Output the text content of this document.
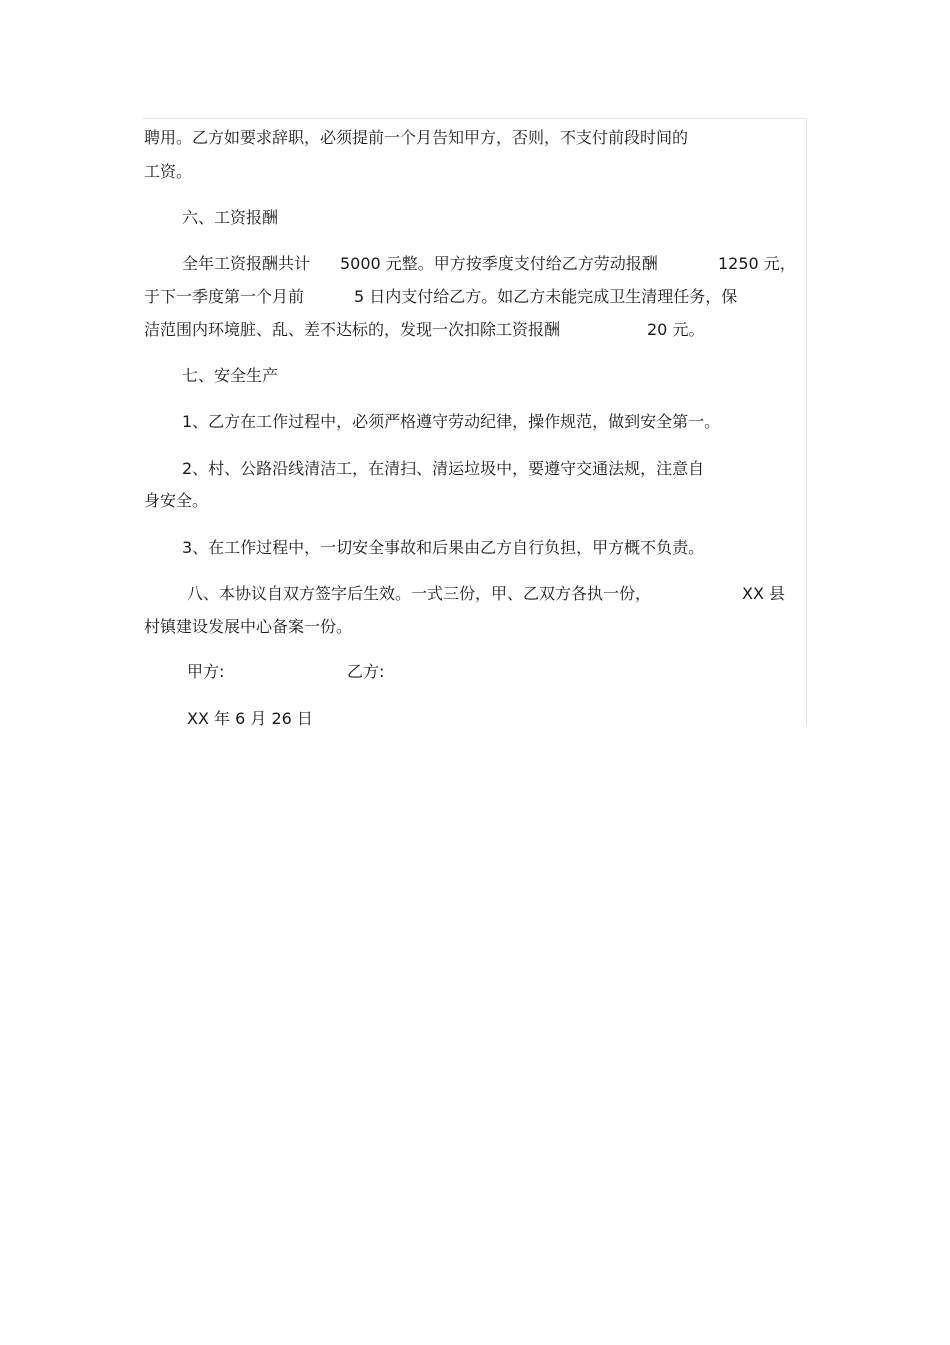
聘用。乙方如要求辞职，必须提前一个月告知甲方，否则，不支付前段时间的
工资。
六、工资报酬
全年工资报酬共计 5000 元整。甲方按季度支付给乙方劳动报酬	1250 元，
于下一季度第一个月前	5 日内支付给乙方。如乙方未能完成卫生清理任务，保
洁范围内环境脏、乱、差不达标的，发现一次扣除工资报酬	20 元。
七、安全生产
1、乙方在工作过程中，必须严格遵守劳动纪律，操作规范，做到安全第一。
2、村、公路沿线清洁工，在清扫、清运垃圾中，要遵守交通法规，注意自
身安全。
3、在工作过程中，一切安全事故和后果由乙方自行负担，甲方概不负责。
八、本协议自双方签字后生效。一式三份，甲、乙双方各执一份，	XX 县
村镇建设发展中心备案一份。
甲方:	乙方:
XX 年 6 月 26 日
